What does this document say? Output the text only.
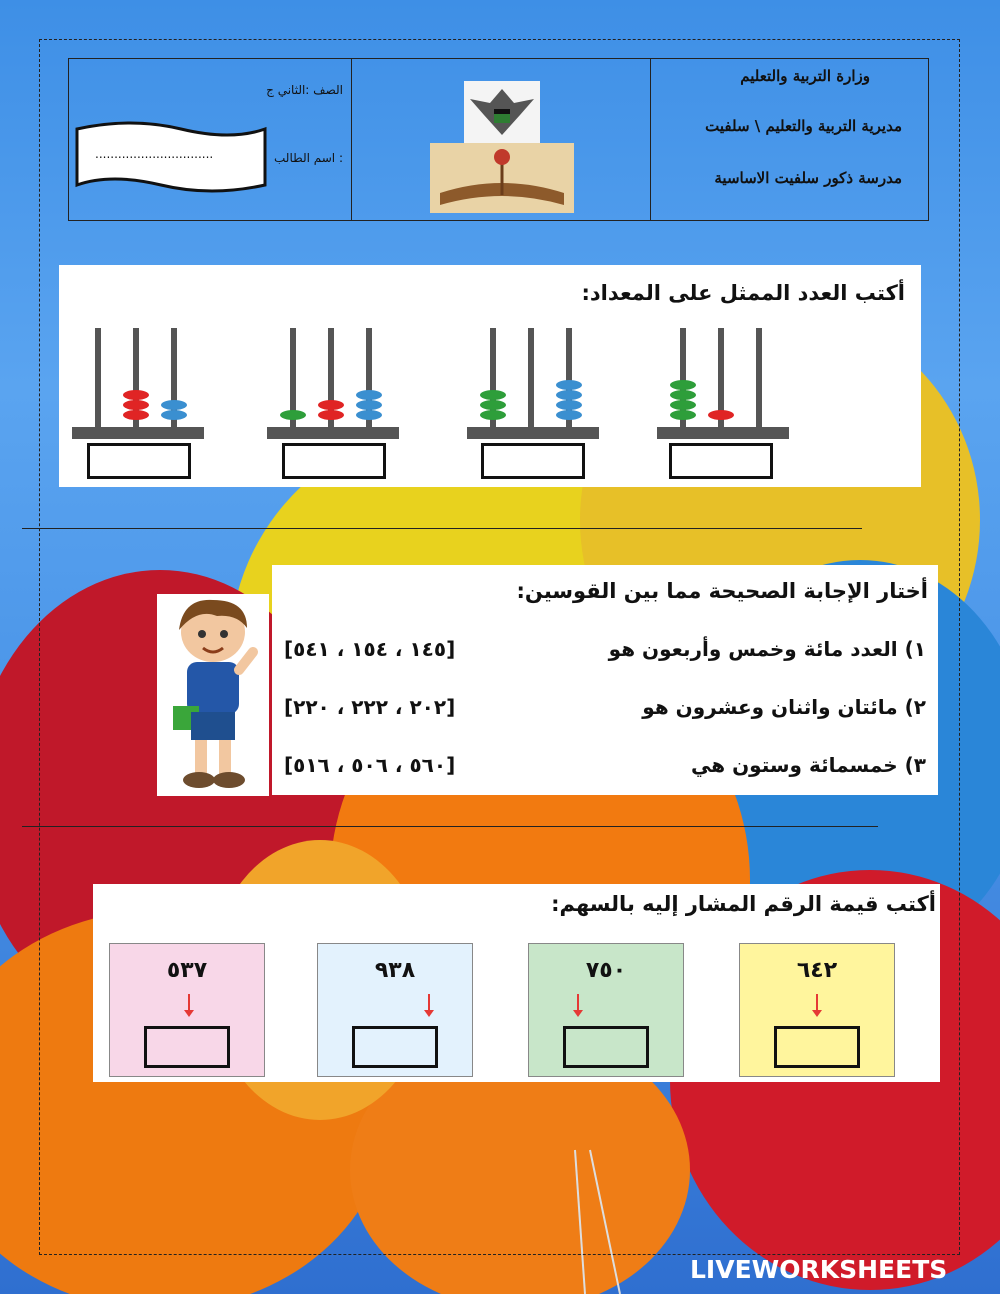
الصف :الثاني ج
اسم الطالب :
...............................
وزارة التربية والتعليم
مديرية التربية والتعليم \ سلفيت
مدرسة ذكور سلفيت الاساسية
أكتب العدد الممثل على المعداد:
أختار الإجابة الصحيحة مما بين القوسين:
١) العدد مائة وخمس وأربعون هو
[١٤٥ ، ١٥٤ ، ٥٤١]
٢) مائتان واثنان وعشرون هو
[٢٠٢ ، ٢٢٢ ، ٢٢٠]
٣) خمسمائة وستون هي
[٥٦٠ ، ٥٠٦ ، ٥١٦]
أكتب قيمة الرقم المشار إليه بالسهم:
٦٤٢
٧٥٠
٩٣٨
٥٣٧
LIVEWORKSHEETS
